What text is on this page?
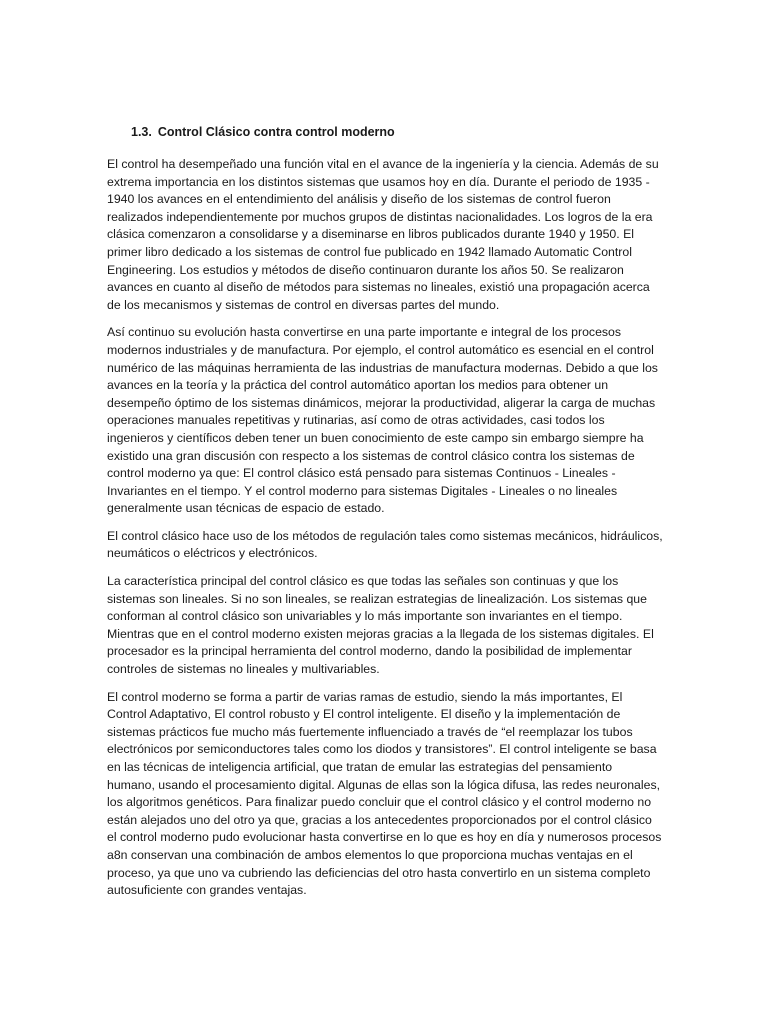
1.3. Control Clásico contra control moderno

El control ha desempeñado una función vital en el avance de la ingeniería y la ciencia. Además de su extrema importancia en los distintos sistemas que usamos hoy en día. Durante el periodo de 1935 - 1940 los avances en el entendimiento del análisis y diseño de los sistemas de control fueron realizados independientemente por muchos grupos de distintas nacionalidades. Los logros de la era clásica comenzaron a consolidarse y a diseminarse en libros publicados durante 1940 y 1950. El primer libro dedicado a los sistemas de control fue publicado en 1942 llamado Automatic Control Engineering. Los estudios y métodos de diseño continuaron durante los años 50. Se realizaron avances en cuanto al diseño de métodos para sistemas no lineales, existió una propagación acerca de los mecanismos y sistemas de control en diversas partes del mundo.

Así continuo su evolución hasta convertirse en una parte importante e integral de los procesos modernos industriales y de manufactura. Por ejemplo, el control automático es esencial en el control numérico de las máquinas herramienta de las industrias de manufactura modernas. Debido a que los avances en la teoría y la práctica del control automático aportan los medios para obtener un desempeño óptimo de los sistemas dinámicos, mejorar la productividad, aligerar la carga de muchas operaciones manuales repetitivas y rutinarias, así como de otras actividades, casi todos los ingenieros y científicos deben tener un buen conocimiento de este campo sin embargo siempre ha existido una gran discusión con respecto a los sistemas de control clásico contra los sistemas de control moderno ya que: El control clásico está pensado para sistemas Continuos - Lineales - Invariantes en el tiempo. Y el control moderno para sistemas Digitales - Lineales o no lineales generalmente usan técnicas de espacio de estado.

El control clásico hace uso de los métodos de regulación tales como sistemas mecánicos, hidráulicos, neumáticos o eléctricos y electrónicos.

La característica principal del control clásico es que todas las señales son continuas y que los sistemas son lineales. Si no son lineales, se realizan estrategias de linealización. Los sistemas que conforman al control clásico son univariables y lo más importante son invariantes en el tiempo. Mientras que en el control moderno existen mejoras gracias a la llegada de los sistemas digitales. El procesador es la principal herramienta del control moderno, dando la posibilidad de implementar controles de sistemas no lineales y multivariables.

El control moderno se forma a partir de varias ramas de estudio, siendo la más importantes, El Control Adaptativo, El control robusto y El control inteligente. El diseño y la implementación de sistemas prácticos fue mucho más fuertemente influenciado a través de “el reemplazar los tubos electrónicos por semiconductores tales como los diodos y transistores”. El control inteligente se basa en las técnicas de inteligencia artificial, que tratan de emular las estrategias del pensamiento humano, usando el procesamiento digital. Algunas de ellas son la lógica difusa, las redes neuronales, los algoritmos genéticos. Para finalizar puedo concluir que el control clásico y el control moderno no están alejados uno del otro ya que, gracias a los antecedentes proporcionados por el control clásico el control moderno pudo evolucionar hasta convertirse en lo que es hoy en día y numerosos procesos a8n conservan una combinación de ambos elementos lo que proporciona muchas ventajas en el proceso, ya que uno va cubriendo las deficiencias del otro hasta convertirlo en un sistema completo autosuficiente con grandes ventajas.
